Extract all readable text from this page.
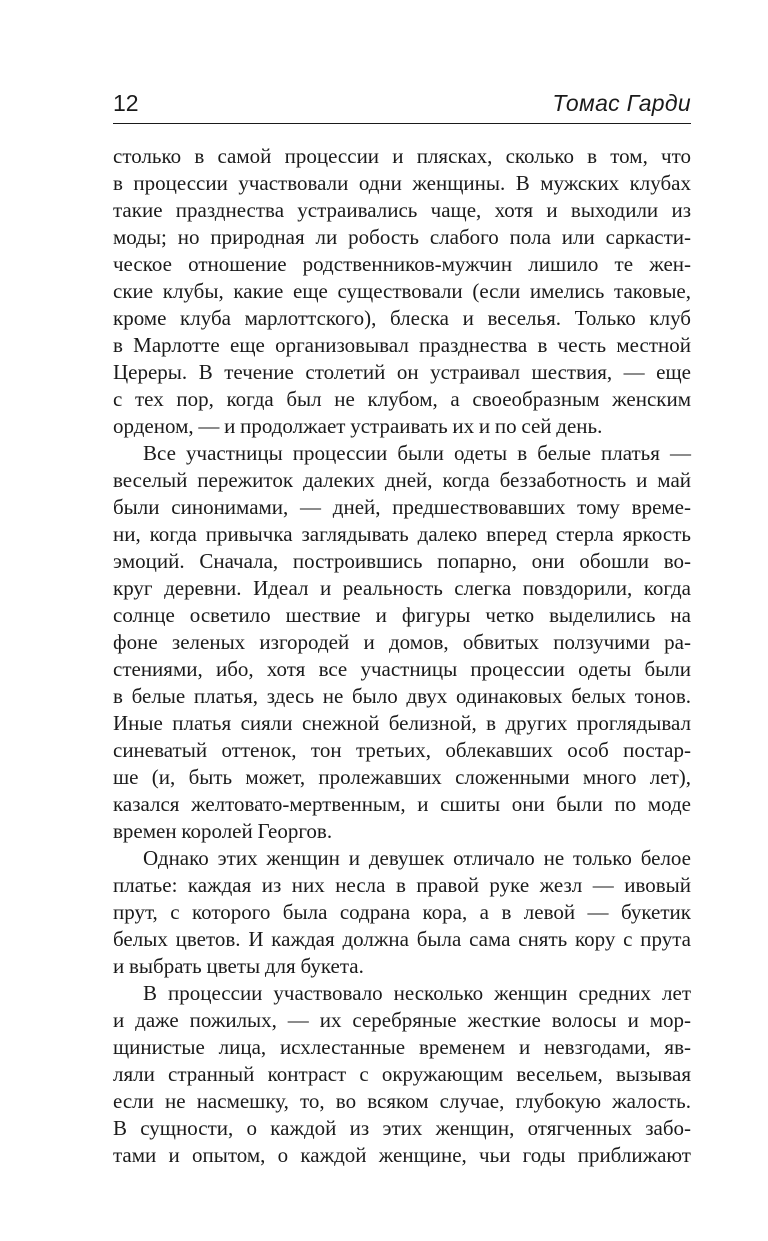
12	Томас Гарди
столько в самой процессии и плясках, сколько в том, что
в процессии участвовали одни женщины. В мужских клубах
такие празднества устраивались чаще, хотя и выходили из
моды; но природная ли робость слабого пола или саркасти-
ческое отношение родственников-мужчин лишило те жен-
ские клубы, какие еще существовали (если имелись таковые,
кроме клуба марлоттского), блеска и веселья. Только клуб
в Марлотте еще организовывал празднества в честь местной
Цереры. В течение столетий он устраивал шествия, — еще
с тех пор, когда был не клубом, а своеобразным женским
орденом, — и продолжает устраивать их и по сей день.
Все участницы процессии были одеты в белые платья —
веселый пережиток далеких дней, когда беззаботность и май
были синонимами, — дней, предшествовавших тому време-
ни, когда привычка заглядывать далеко вперед стерла яркость
эмоций. Сначала, построившись попарно, они обошли во-
круг деревни. Идеал и реальность слегка повздорили, когда
солнце осветило шествие и фигуры четко выделились на
фоне зеленых изгородей и домов, обвитых ползучими ра-
стениями, ибо, хотя все участницы процессии одеты были
в белые платья, здесь не было двух одинаковых белых тонов.
Иные платья сияли снежной белизной, в других проглядывал
синеватый оттенок, тон третьих, облекавших особ постар-
ше (и, быть может, пролежавших сложенными много лет),
казался желтовато-мертвенным, и сшиты они были по моде
времен королей Георгов.
Однако этих женщин и девушек отличало не только белое
платье: каждая из них несла в правой руке жезл — ивовый
прут, с которого была содрана кора, а в левой — букетик
белых цветов. И каждая должна была сама снять кору с прута
и выбрать цветы для букета.
В процессии участвовало несколько женщин средних лет
и даже пожилых, — их серебряные жесткие волосы и мор-
щинистые лица, исхлестанные временем и невзгодами, яв-
ляли странный контраст с окружающим весельем, вызывая
если не насмешку, то, во всяком случае, глубокую жалость.
В сущности, о каждой из этих женщин, отягченных забо-
тами и опытом, о каждой женщине, чьи годы приближают
